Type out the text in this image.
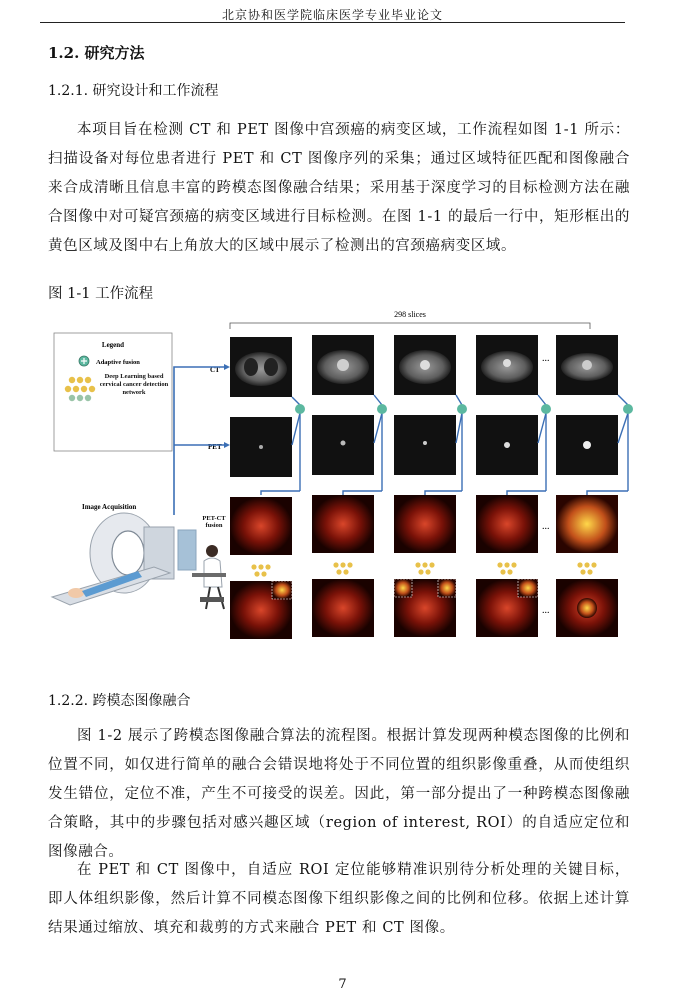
北京协和医学院临床医学专业毕业论文
1.2. 研究方法
1.2.1. 研究设计和工作流程
本项目旨在检测 CT 和 PET 图像中宫颈癌的病变区域，工作流程如图 1-1 所示：扫描设备对每位患者进行 PET 和 CT 图像序列的采集；通过区域特征匹配和图像融合来合成清晰且信息丰富的跨模态图像融合结果；采用基于深度学习的目标检测方法在融合图像中对可疑宫颈癌的病变区域进行目标检测。在图 1-1 的最后一行中，矩形框出的黄色区域及图中右上角放大的区域中展示了检测出的宫颈癌病变区域。
图 1-1 工作流程
298 slices
Legend
Adaptive fusion
Deep Learning based cervical cancer detection network
Image Acquisition
CT
PET
PET-CT fusion
...
...
...
1.2.2. 跨模态图像融合
图 1-2 展示了跨模态图像融合算法的流程图。根据计算发现两种模态图像的比例和位置不同，如仅进行简单的融合会错误地将处于不同位置的组织影像重叠，从而使组织发生错位，定位不准，产生不可接受的误差。因此，第一部分提出了一种跨模态图像融合策略，其中的步骤包括对感兴趣区域（region of interest, ROI）的自适应定位和图像融合。
在 PET 和 CT 图像中，自适应 ROI 定位能够精准识别待分析处理的关键目标，即人体组织影像，然后计算不同模态图像下组织影像之间的比例和位移。依据上述计算结果通过缩放、填充和裁剪的方式来融合 PET 和 CT 图像。
7
